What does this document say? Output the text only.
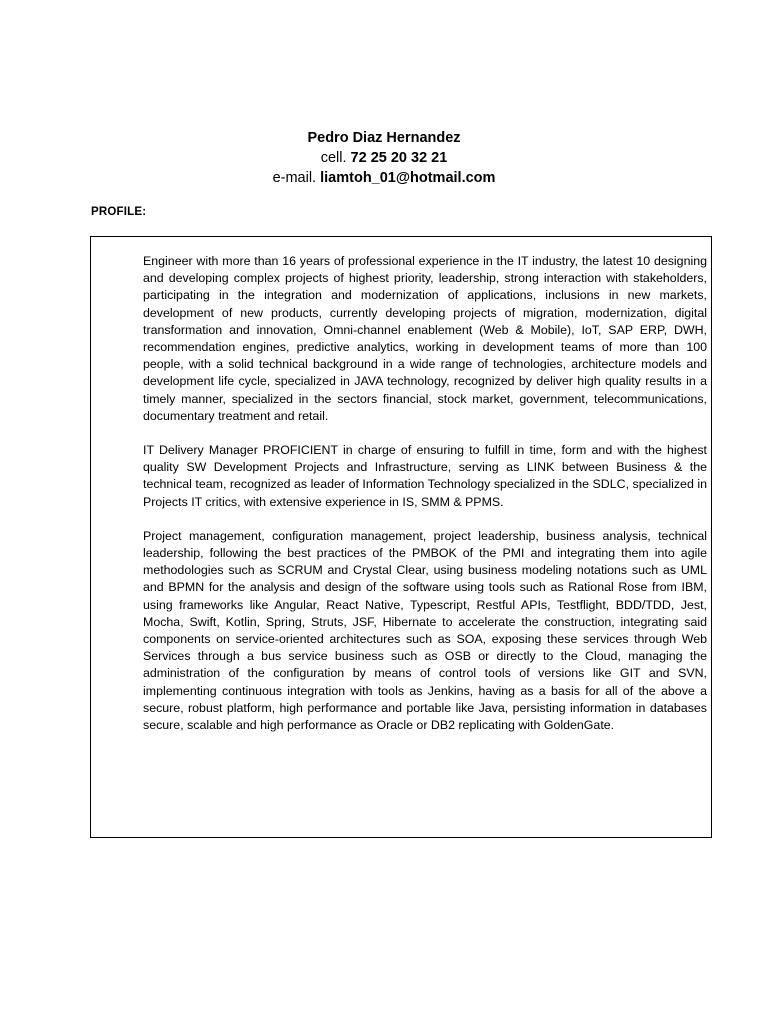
Pedro Diaz Hernandez
cell. 72 25 20 32 21
e-mail. liamtoh_01@hotmail.com
PROFILE:

Engineer with more than 16 years of professional experience in the IT industry, the latest 10 designing and developing complex projects of highest priority, leadership, strong interaction with stakeholders, participating in the integration and modernization of applications, inclusions in new markets, development of new products, currently developing projects of migration, modernization, digital transformation and innovation, Omni-channel enablement (Web & Mobile), IoT, SAP ERP, DWH, recommendation engines, predictive analytics, working in development teams of more than 100 people, with a solid technical background in a wide range of technologies, architecture models and development life cycle, specialized in JAVA technology, recognized by deliver high quality results in a timely manner, specialized in the sectors financial, stock market, government, telecommunications, documentary treatment and retail.

IT Delivery Manager PROFICIENT in charge of ensuring to fulfill in time, form and with the highest quality SW Development Projects and Infrastructure, serving as LINK between Business & the technical team, recognized as leader of Information Technology specialized in the SDLC, specialized in Projects IT critics, with extensive experience in IS, SMM & PPMS.

Project management, configuration management, project leadership, business analysis, technical leadership, following the best practices of the PMBOK of the PMI and integrating them into agile methodologies such as SCRUM and Crystal Clear, using business modeling notations such as UML and BPMN for the analysis and design of the software using tools such as Rational Rose from IBM, using frameworks like Angular, React Native, Typescript, Restful APIs, Testflight, BDD/TDD, Jest, Mocha, Swift, Kotlin, Spring, Struts, JSF, Hibernate to accelerate the construction, integrating said components on service-oriented architectures such as SOA, exposing these services through Web Services through a bus service business such as OSB or directly to the Cloud, managing the administration of the configuration by means of control tools of versions like GIT and SVN, implementing continuous integration with tools as Jenkins, having as a basis for all of the above a secure, robust platform, high performance and portable like Java, persisting information in databases secure, scalable and high performance as Oracle or DB2 replicating with GoldenGate.
